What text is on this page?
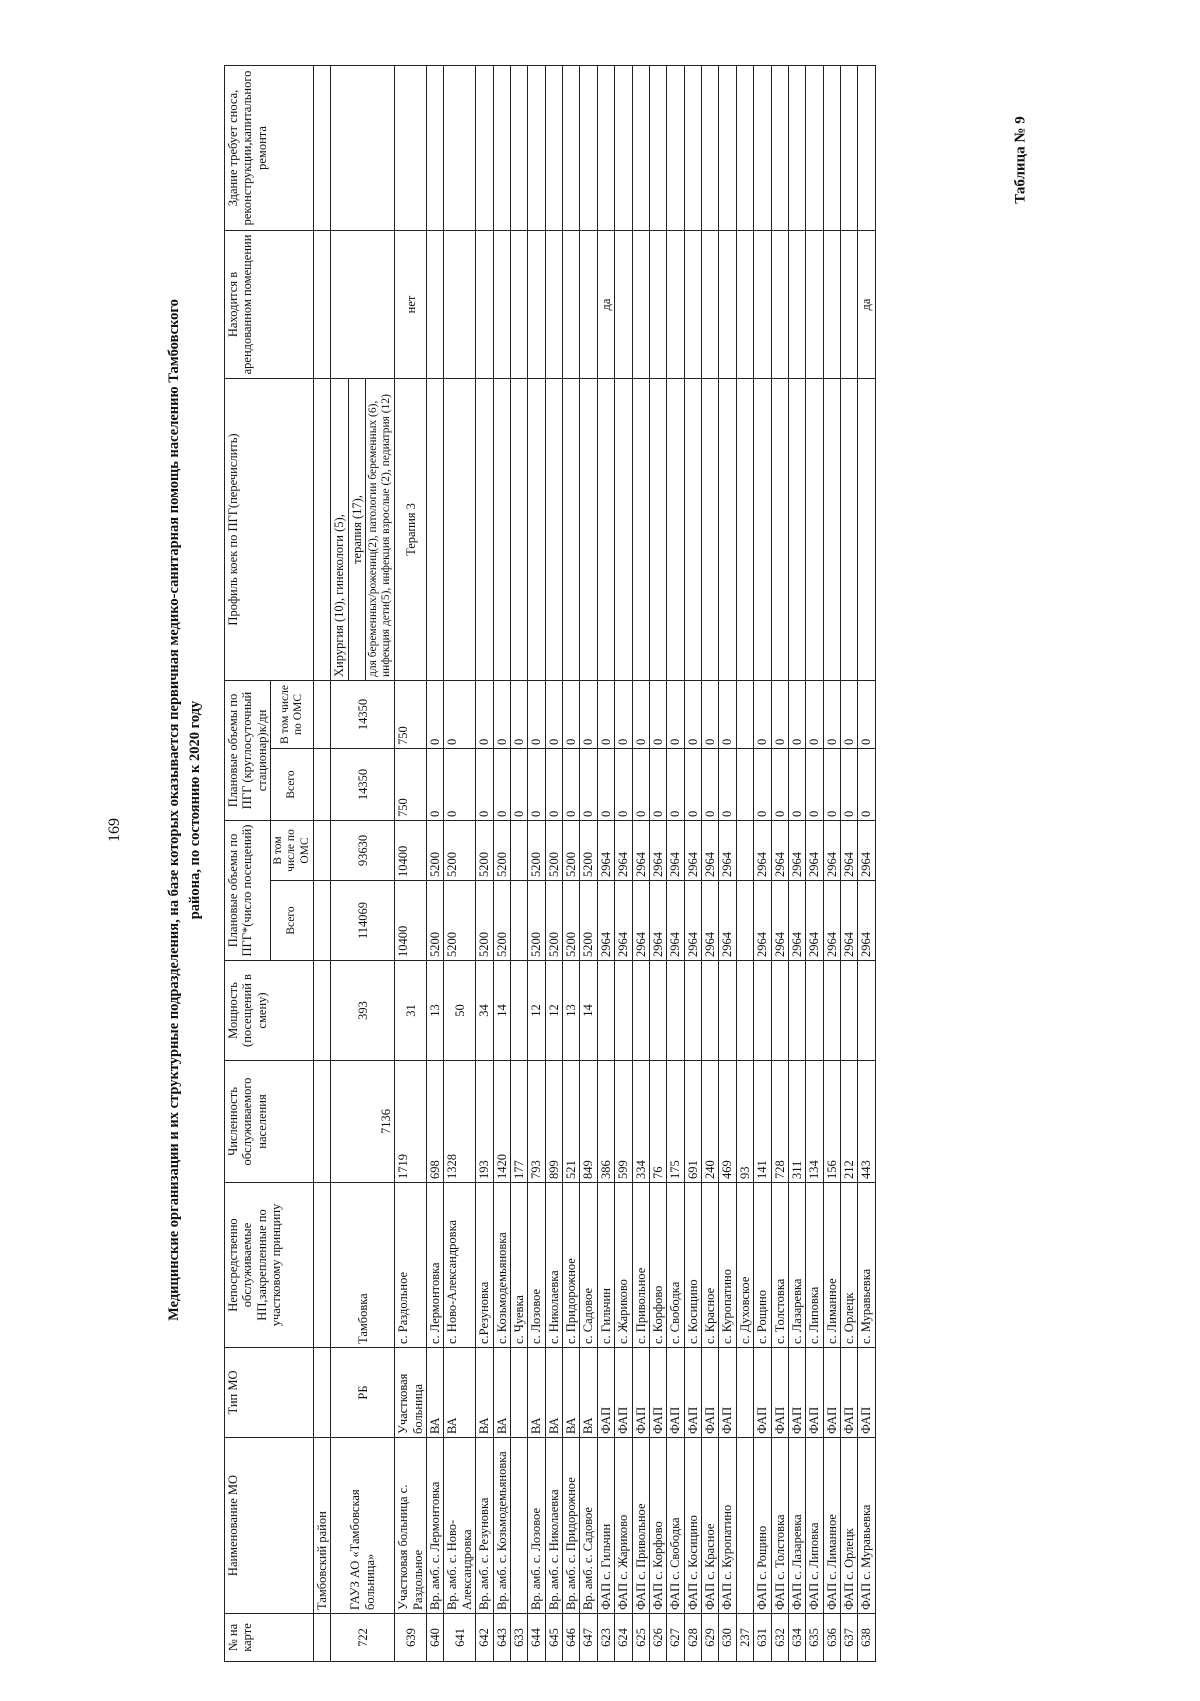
169	Медицинские организации и их структурные подразделения, на базе которых оказывается первичная медико-санитарная помощь населению Тамбовского района, по состоянию к 2020 году
Таблица № 9
№ на карте	Наименование МО	Тип МО	Непосредственно обслуживаемые НП,закрепленные по участковому принципу	Численность обслуживаемого населения	Мощность (посещений в смену)	Плановые объемы по ПГГ*(число посещений)		Плановые объемы по ПГГ (круглосуточный стационар)к/дн		Профиль коек по ПГГ(перечислить)	Находится в арендованном помещении	Здание требует сноса, реконструкции,капитального ремонта
						Всего	В том числе по ОМС	Всего	В том числе по ОМС			
	Тамбовский район											
722	ГАУЗ АО «Тамбовская больница»	РБ	Тамбовка	7136	393	114069	93630	14350	14350	Хирургия (10), гинекологи (5), терапия (17), для беременных/рожениц(2), патологии беременных (6), инфекция дети(5), инфекция взрослые (2), педиатрия (12)		

639	Участковая больница с. Раздольное	Участковая больница	с. Раздольное	1719	31	10400	10400	750	750	Терапия 3	нет	
640	Вр. амб. с. Лермонтовка	ВА	с. Лермонтовка	698	13	5200	5200	0	0			
641	Вр. амб. с. Ново-Александровка	ВА	с. Ново-Александровка	1328	50	5200	5200	0	0			
642	Вр. амб. с. Резуновка	ВА	с.Резуновка	193	34	5200	5200	0	0			
643	Вр. амб. с. Козьмодемьяновка	ВА	с. Козьмодемьяновка	1420	14	5200	5200	0	0			
633			с. Чуевка	177				0	0			
644	Вр. амб. с. Лозовое	ВА	с. Лозовое	793	12	5200	5200	0	0			
645	Вр. амб. с. Николаевка	ВА	с. Николаевка	899	12	5200	5200	0	0			
646	Вр. амб. с. Придорожное	ВА	с. Придорожное	521	13	5200	5200	0	0			
647	Вр. амб. с. Садовое	ВА	с. Садовое	849	14	5200	5200	0	0			
623	ФАП с. Гильчин	ФАП	с. Гильчин	386		2964	2964	0	0		да	
624	ФАП с. Жариково	ФАП	с. Жариково	599		2964	2964	0	0			
625	ФАП с. Привольное	ФАП	с. Привольное	334		2964	2964	0	0			
626	ФАП с. Корфово	ФАП	с. Корфово	76		2964	2964	0	0			
627	ФАП с. Свободка	ФАП	с. Свободка	175		2964	2964	0	0			
628	ФАП с. Косицино	ФАП	с. Косицино	691		2964	2964	0	0			
629	ФАП с. Красное	ФАП	с. Красное	240		2964	2964	0	0			
630	ФАП с. Куропатино	ФАП	с. Куропатино	469		2964	2964	0	0			
237			с. Духовское	93								
631	ФАП с. Рощино	ФАП	с. Рощино	141		2964	2964	0	0			
632	ФАП с. Толстовка	ФАП	с. Толстовка	728		2964	2964	0	0			
634	ФАП с. Лазаревка	ФАП	с. Лазаревка	311		2964	2964	0	0			
635	ФАП с. Липовка	ФАП	с. Липовка	134		2964	2964	0	0			
636	ФАП с. Лиманное	ФАП	с. Лиманное	156		2964	2964	0	0			
637	ФАП с. Орлецк	ФАП	с. Орлецк	212		2964	2964	0	0			
638	ФАП с. Муравьевка	ФАП	с. Муравьевка	443		2964	2964	0	0		да	
